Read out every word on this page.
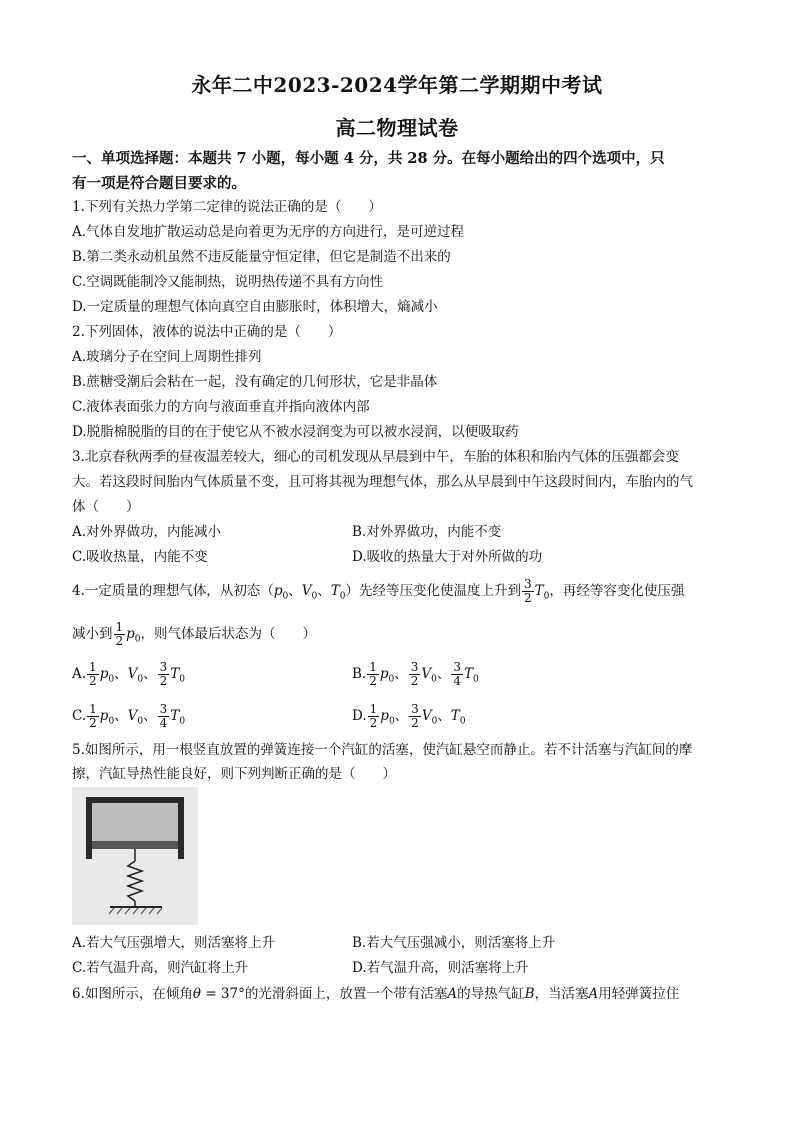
永年二中2023-2024学年第二学期期中考试
高二物理试卷
一、单项选择题：本题共 7 小题，每小题 4 分，共 28 分。在每小题给出的四个选项中，只
有一项是符合题目要求的。
1.下列有关热力学第二定律的说法正确的是（　　）
A.气体自发地扩散运动总是向着更为无序的方向进行，是可逆过程
B.第二类永动机虽然不违反能量守恒定律，但它是制造不出来的
C.空调既能制冷又能制热，说明热传递不具有方向性
D.一定质量的理想气体向真空自由膨胀时，体积增大，熵减小
2.下列固体，液体的说法中正确的是（　　）
A.玻璃分子在空间上周期性排列
B.蔗糖受潮后会粘在一起，没有确定的几何形状，它是非晶体
C.液体表面张力的方向与液面垂直并指向液体内部
D.脱脂棉脱脂的目的在于使它从不被水浸润变为可以被水浸润，以便吸取药
3.北京春秋两季的昼夜温差较大，细心的司机发现从早晨到中午，车胎的体积和胎内气体的压强都会变
大。若这段时间胎内气体质量不变，且可将其视为理想气体，那么从早晨到中午这段时间内，车胎内的气
体（　　）
A.对外界做功，内能减小	B.对外界做功，内能不变
C.吸收热量，内能不变	D.吸收的热量大于对外所做的功
4.一定质量的理想气体，从初态（$p_0$、$V_0$、$T_0$）先经等压变化使温度上升到 $\frac{3}{2} T_0$，再经等容变化使压强
减小到 $\frac{1}{2} p_0$，则气体最后状态为（　　）
A. $\frac{1}{2} p_0$、$V_0$、 $\frac{3}{2} T_0$	B. $\frac{1}{2} p_0$、 $\frac{3}{2} V_0$、 $\frac{3}{4} T_0$
C. $\frac{1}{2} p_0$、$V_0$、 $\frac{3}{4} T_0$	D. $\frac{1}{2} p_0$、 $\frac{3}{2} V_0$、$T_0$
5.如图所示，用一根竖直放置的弹簧连接一个汽缸的活塞，使汽缸悬空而静止。若不计活塞与汽缸间的摩
擦，汽缸导热性能良好，则下列判断正确的是（　　）
A.若大气压强增大，则活塞将上升	B.若大气压强减小，则活塞将上升
C.若气温升高，则汽缸将上升	D.若气温升高，则活塞将上升
6.如图所示，在倾角θ = 37°的光滑斜面上，放置一个带有活塞A的导热气缸B，当活塞A用轻弹簧拉住
